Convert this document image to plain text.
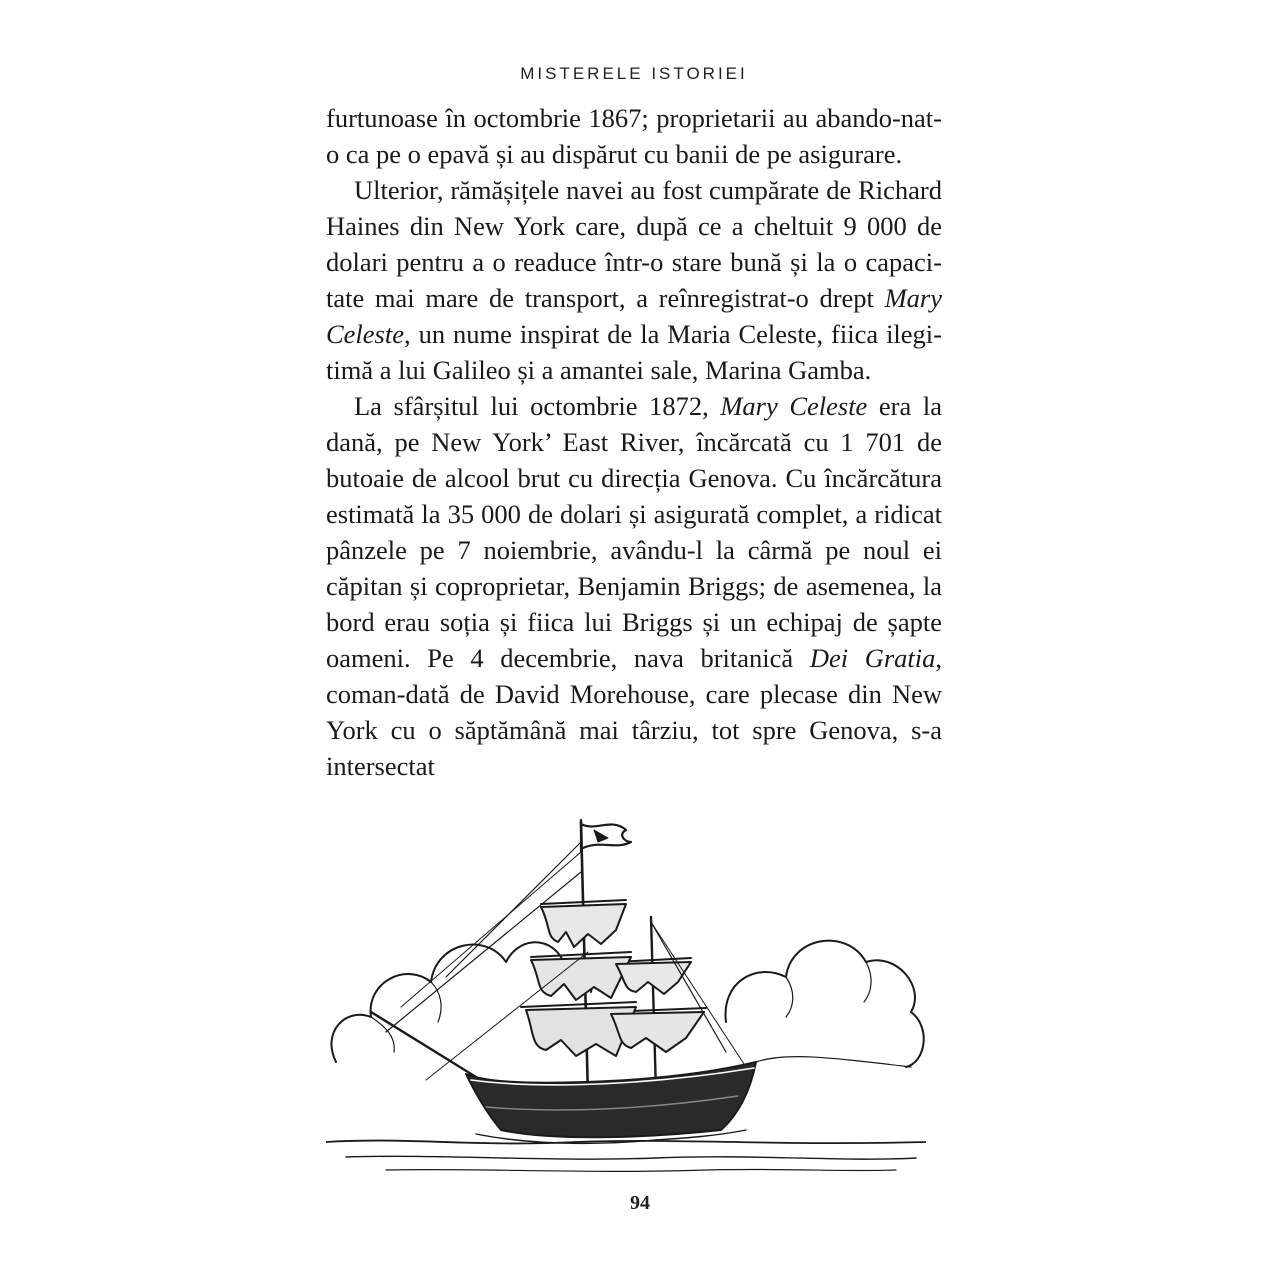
MISTERELE ISTORIEI

furtunoase în octombrie 1867; proprietarii au abando-nat-o ca pe o epavă și au dispărut cu banii de pe asigurare.

Ulterior, rămășițele navei au fost cumpărate de Richard Haines din New York care, după ce a cheltuit 9 000 de dolari pentru a o readuce într-o stare bună și la o capaci-tate mai mare de transport, a reînregistrat-o drept Mary Celeste, un nume inspirat de la Maria Celeste, fiica ilegi-timă a lui Galileo și a amantei sale, Marina Gamba.

La sfârșitul lui octombrie 1872, Mary Celeste era la dană, pe New York’ East River, încărcată cu 1 701 de butoaie de alcool brut cu direcția Genova. Cu încărcătura estimată la 35 000 de dolari și asigurată complet, a ridicat pânzele pe 7 noiembrie, avându-l la cârmă pe noul ei căpitan și coproprietar, Benjamin Briggs; de asemenea, la bord erau soția și fiica lui Briggs și un echipaj de șapte oameni. Pe 4 decembrie, nava britanică Dei Gratia, coman-dată de David Morehouse, care plecase din New York cu o săptămână mai târziu, tot spre Genova, s-a intersectat

94
